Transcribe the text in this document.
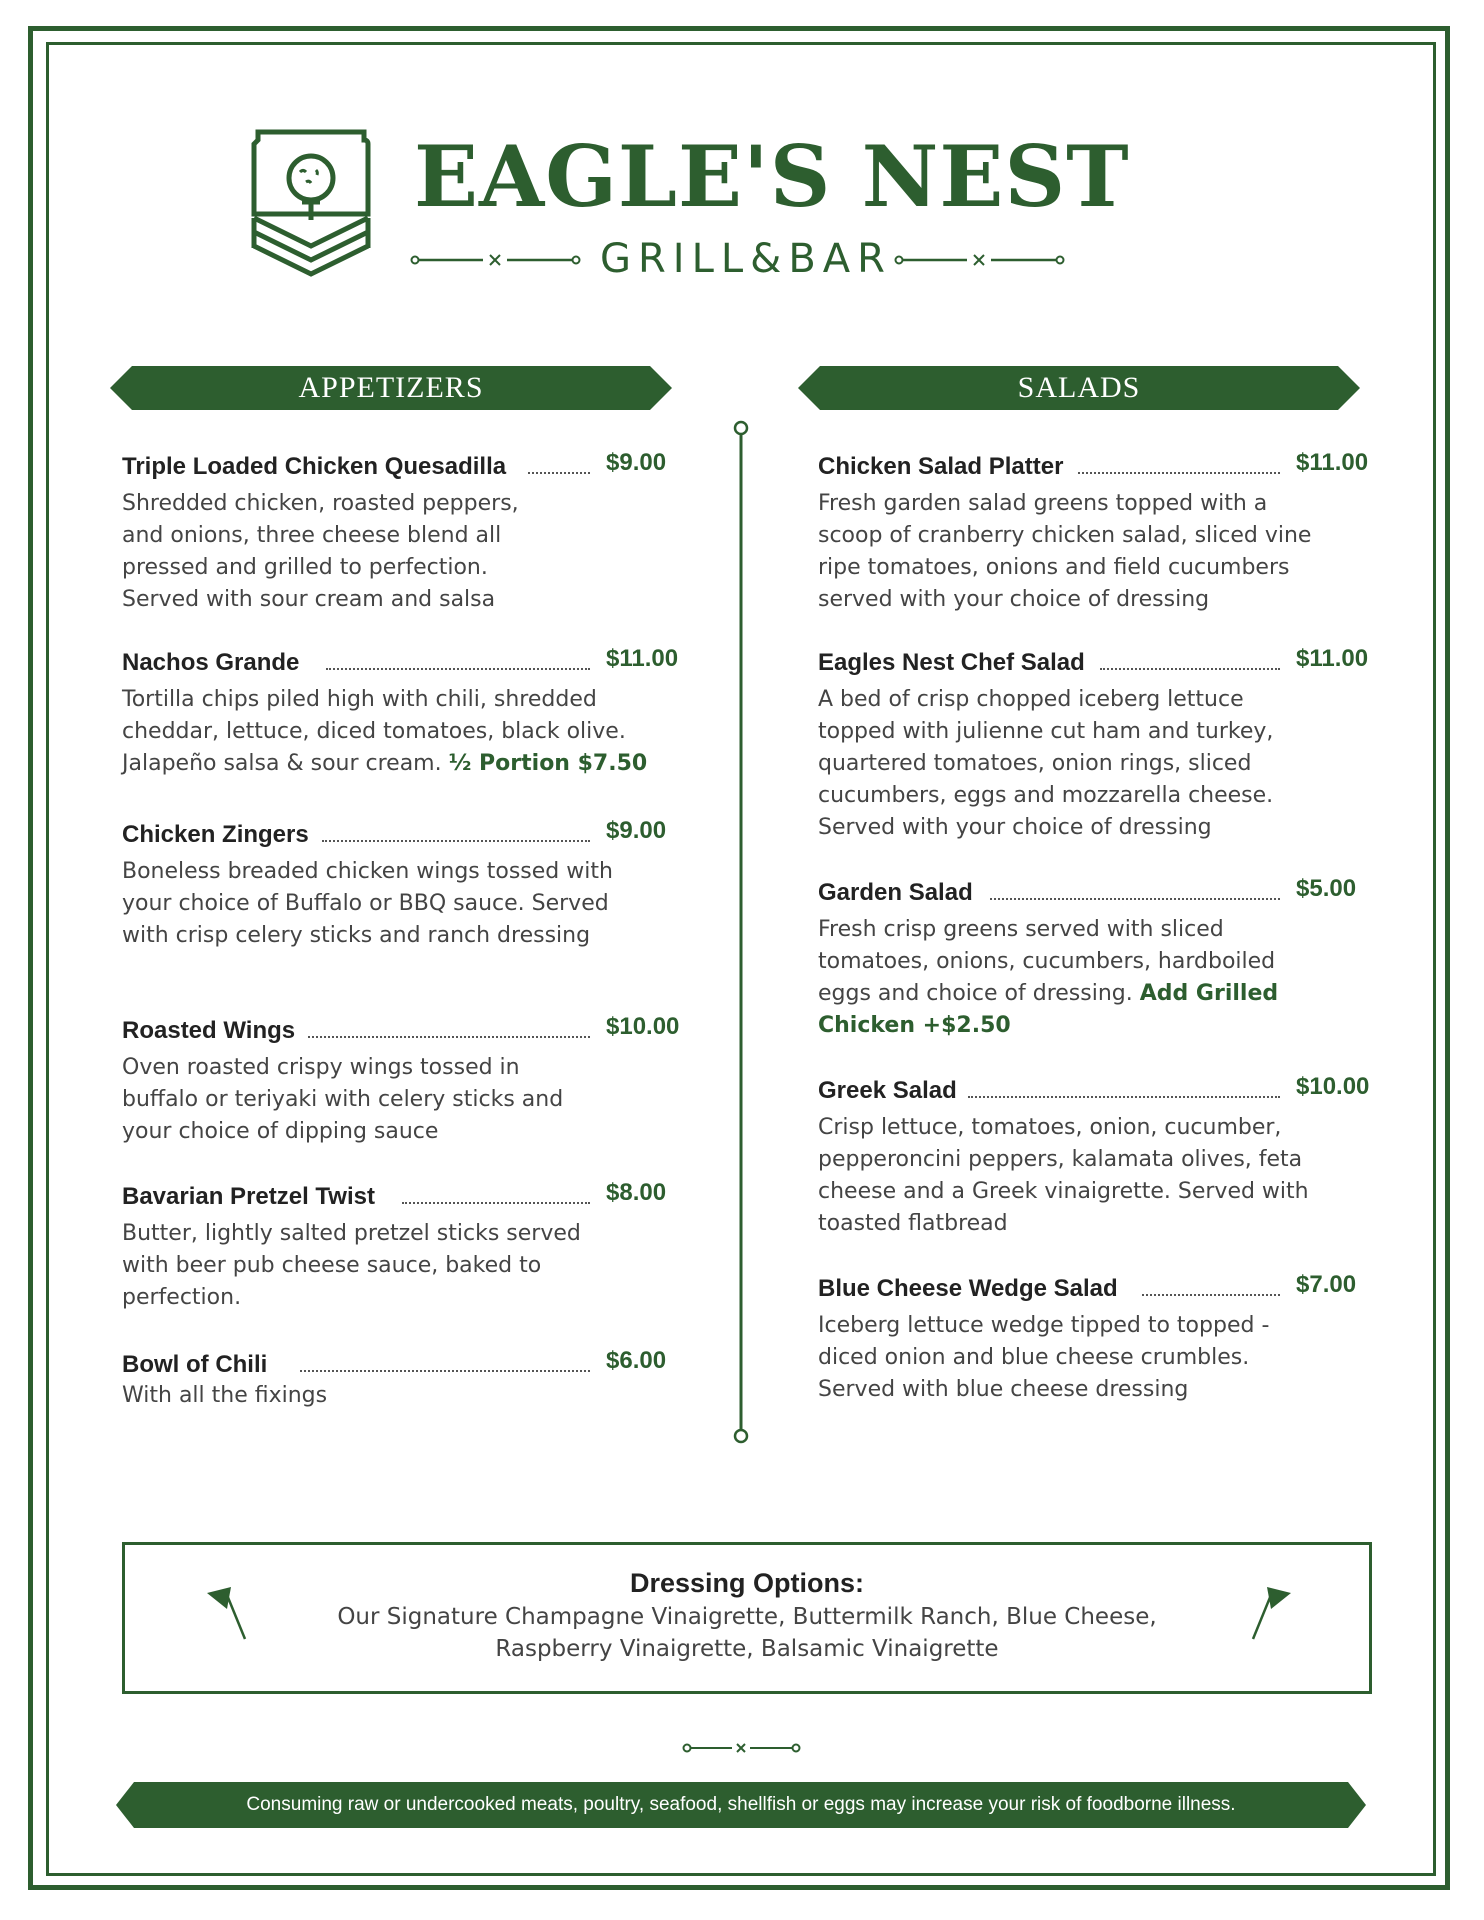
EAGLE'S NEST
GRILL&BAR
APPETIZERS	SALADS
Triple Loaded Chicken Quesadilla	$9.00
Shredded chicken, roasted peppers, and onions, three cheese blend all pressed and grilled to perfection. Served with sour cream and salsa
Nachos Grande	$11.00
Tortilla chips piled high with chili, shredded cheddar, lettuce, diced tomatoes, black olive. Jalapeño salsa & sour cream. ½ Portion $7.50
Chicken Zingers	$9.00
Boneless breaded chicken wings tossed with your choice of Buffalo or BBQ sauce. Served with crisp celery sticks and ranch dressing
Roasted Wings	$10.00
Oven roasted crispy wings tossed in buffalo or teriyaki with celery sticks and your choice of dipping sauce
Bavarian Pretzel Twist	$8.00
Butter, lightly salted pretzel sticks served with beer pub cheese sauce, baked to perfection.
Bowl of Chili	$6.00
With all the fixings
Chicken Salad Platter	$11.00
Fresh garden salad greens topped with a scoop of cranberry chicken salad, sliced vine ripe tomatoes, onions and field cucumbers served with your choice of dressing
Eagles Nest Chef Salad	$11.00
A bed of crisp chopped iceberg lettuce topped with julienne cut ham and turkey, quartered tomatoes, onion rings, sliced cucumbers, eggs and mozzarella cheese. Served with your choice of dressing
Garden Salad	$5.00
Fresh crisp greens served with sliced tomatoes, onions, cucumbers, hardboiled eggs and choice of dressing. Add Grilled Chicken +$2.50
Greek Salad	$10.00
Crisp lettuce, tomatoes, onion, cucumber, pepperoncini peppers, kalamata olives, feta cheese and a Greek vinaigrette. Served with toasted flatbread
Blue Cheese Wedge Salad	$7.00
Iceberg lettuce wedge tipped to topped - diced onion and blue cheese crumbles. Served with blue cheese dressing
Dressing Options:
Our Signature Champagne Vinaigrette, Buttermilk Ranch, Blue Cheese,
Raspberry Vinaigrette, Balsamic Vinaigrette
Consuming raw or undercooked meats, poultry, seafood, shellfish or eggs may increase your risk of foodborne illness.
